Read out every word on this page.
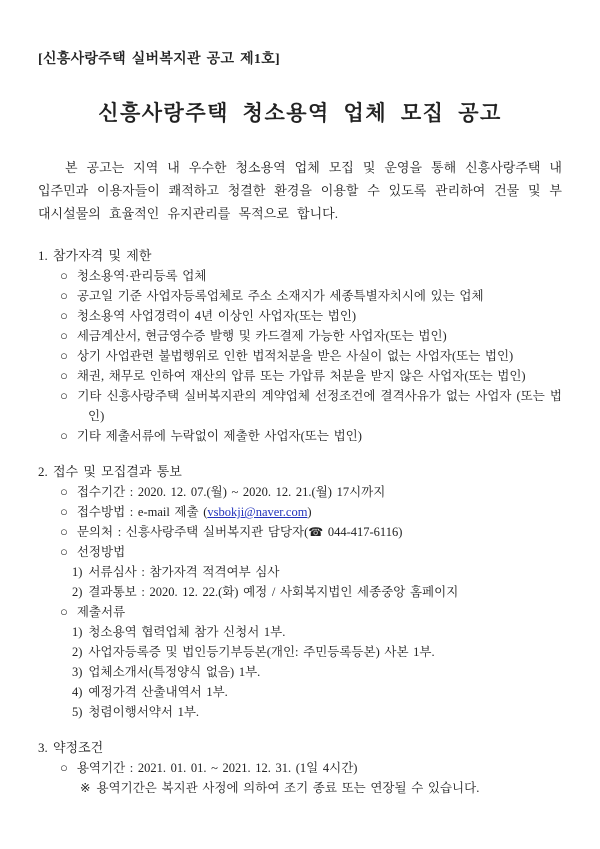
[신흥사랑주택 실버복지관 공고 제1호]
신흥사랑주택 청소용역 업체 모집 공고

본 공고는 지역 내 우수한 청소용역 업체 모집 및 운영을 통해 신흥사랑주택 내 입주민과 이용자들이 쾌적하고 청결한 환경을 이용할 수 있도록 관리하여 건물 및 부대시설물의 효율적인 유지관리를 목적으로 합니다.

1. 참가자격 및 제한
○ 청소용역·관리등록 업체
○ 공고일 기준 사업자등록업체로 주소 소재지가 세종특별자치시에 있는 업체
○ 청소용역 사업경력이 4년 이상인 사업자(또는 법인)
○ 세금계산서, 현금영수증 발행 및 카드결제 가능한 사업자(또는 법인)
○ 상기 사업관련 불법행위로 인한 법적처분을 받은 사실이 없는 사업자(또는 법인)
○ 채권, 채무로 인하여 재산의 압류 또는 가압류 처분을 받지 않은 사업자(또는 법인)
○ 기타 신흥사랑주택 실버복지관의 계약업체 선정조건에 결격사유가 없는 사업자 (또는 법인)
○ 기타 제출서류에 누락없이 제출한 사업자(또는 법인)
2. 접수 및 모집결과 통보
○ 접수기간 : 2020. 12. 07.(월) ~ 2020. 12. 21.(월) 17시까지
○ 접수방법 : e-mail 제출 (vsbokji@naver.com)
○ 문의처 : 신흥사랑주택 실버복지관 담당자(☎ 044-417-6116)
○ 선정방법
1) 서류심사 : 참가자격 적격여부 심사
2) 결과통보 : 2020. 12. 22.(화) 예정 / 사회복지법인 세종중앙 홈페이지
○ 제출서류
1) 청소용역 협력업체 참가 신청서 1부.
2) 사업자등록증 및 법인등기부등본(개인: 주민등록등본) 사본 1부.
3) 업체소개서(특정양식 없음) 1부.
4) 예정가격 산출내역서 1부.
5) 청렴이행서약서 1부.
3. 약정조건
○ 용역기간 : 2021. 01. 01. ~ 2021. 12. 31. (1일 4시간)
※ 용역기간은 복지관 사정에 의하여 조기 종료 또는 연장될 수 있습니다.
